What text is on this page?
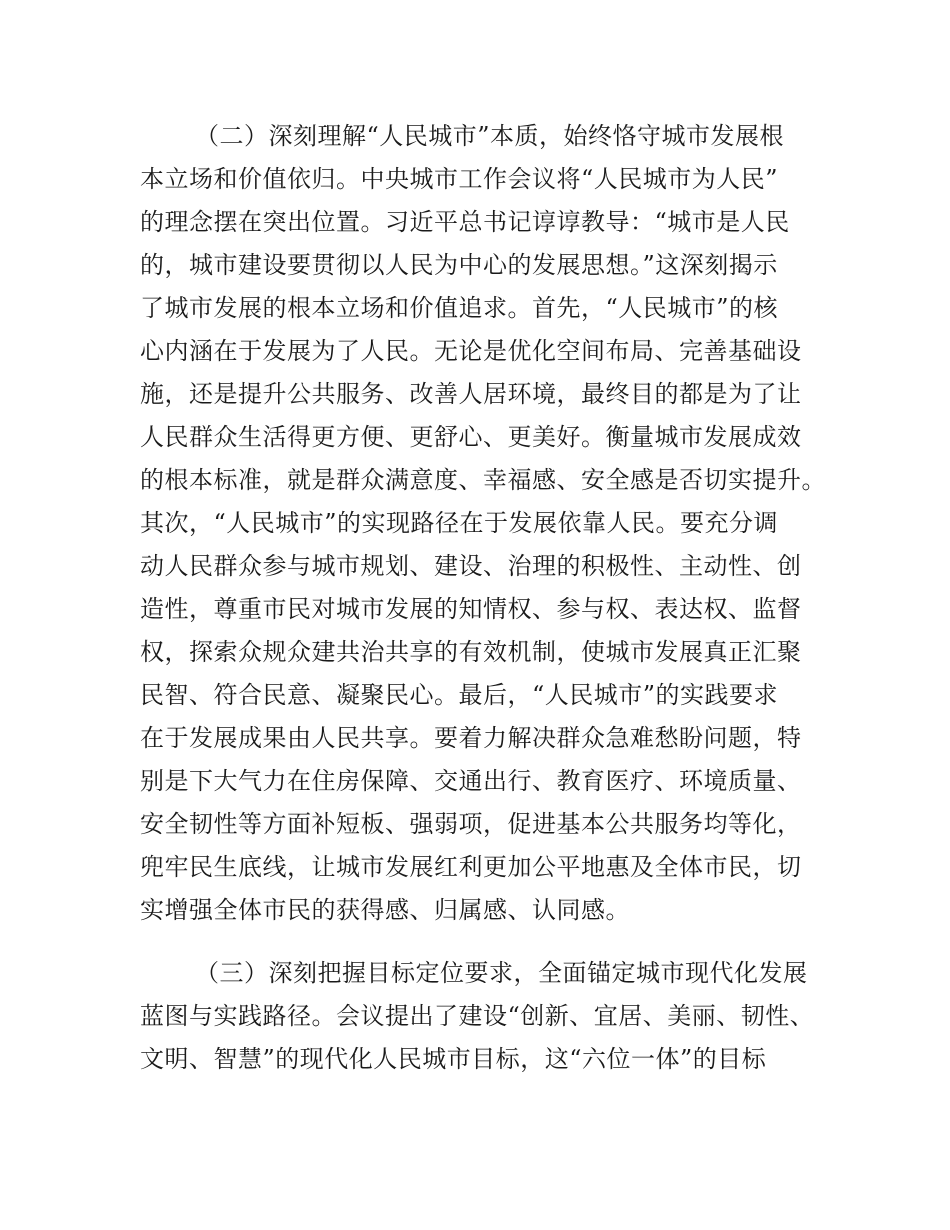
（二）深刻理解“人民城市”本质，始终恪守城市发展根
本立场和价值依归。中央城市工作会议将“人民城市为人民”
的理念摆在突出位置。习近平总书记谆谆教导：“城市是人民
的，城市建设要贯彻以人民为中心的发展思想。”这深刻揭示
了城市发展的根本立场和价值追求。首先，“人民城市”的核
心内涵在于发展为了人民。无论是优化空间布局、完善基础设
施，还是提升公共服务、改善人居环境，最终目的都是为了让
人民群众生活得更方便、更舒心、更美好。衡量城市发展成效
的根本标准，就是群众满意度、幸福感、安全感是否切实提升。
其次，“人民城市”的实现路径在于发展依靠人民。要充分调
动人民群众参与城市规划、建设、治理的积极性、主动性、创
造性，尊重市民对城市发展的知情权、参与权、表达权、监督
权，探索众规众建共治共享的有效机制，使城市发展真正汇聚
民智、符合民意、凝聚民心。最后，“人民城市”的实践要求
在于发展成果由人民共享。要着力解决群众急难愁盼问题，特
别是下大气力在住房保障、交通出行、教育医疗、环境质量、
安全韧性等方面补短板、强弱项，促进基本公共服务均等化，
兜牢民生底线，让城市发展红利更加公平地惠及全体市民，切
实增强全体市民的获得感、归属感、认同感。
（三）深刻把握目标定位要求，全面锚定城市现代化发展
蓝图与实践路径。会议提出了建设“创新、宜居、美丽、韧性、
文明、智慧”的现代化人民城市目标，这“六位一体”的目标
